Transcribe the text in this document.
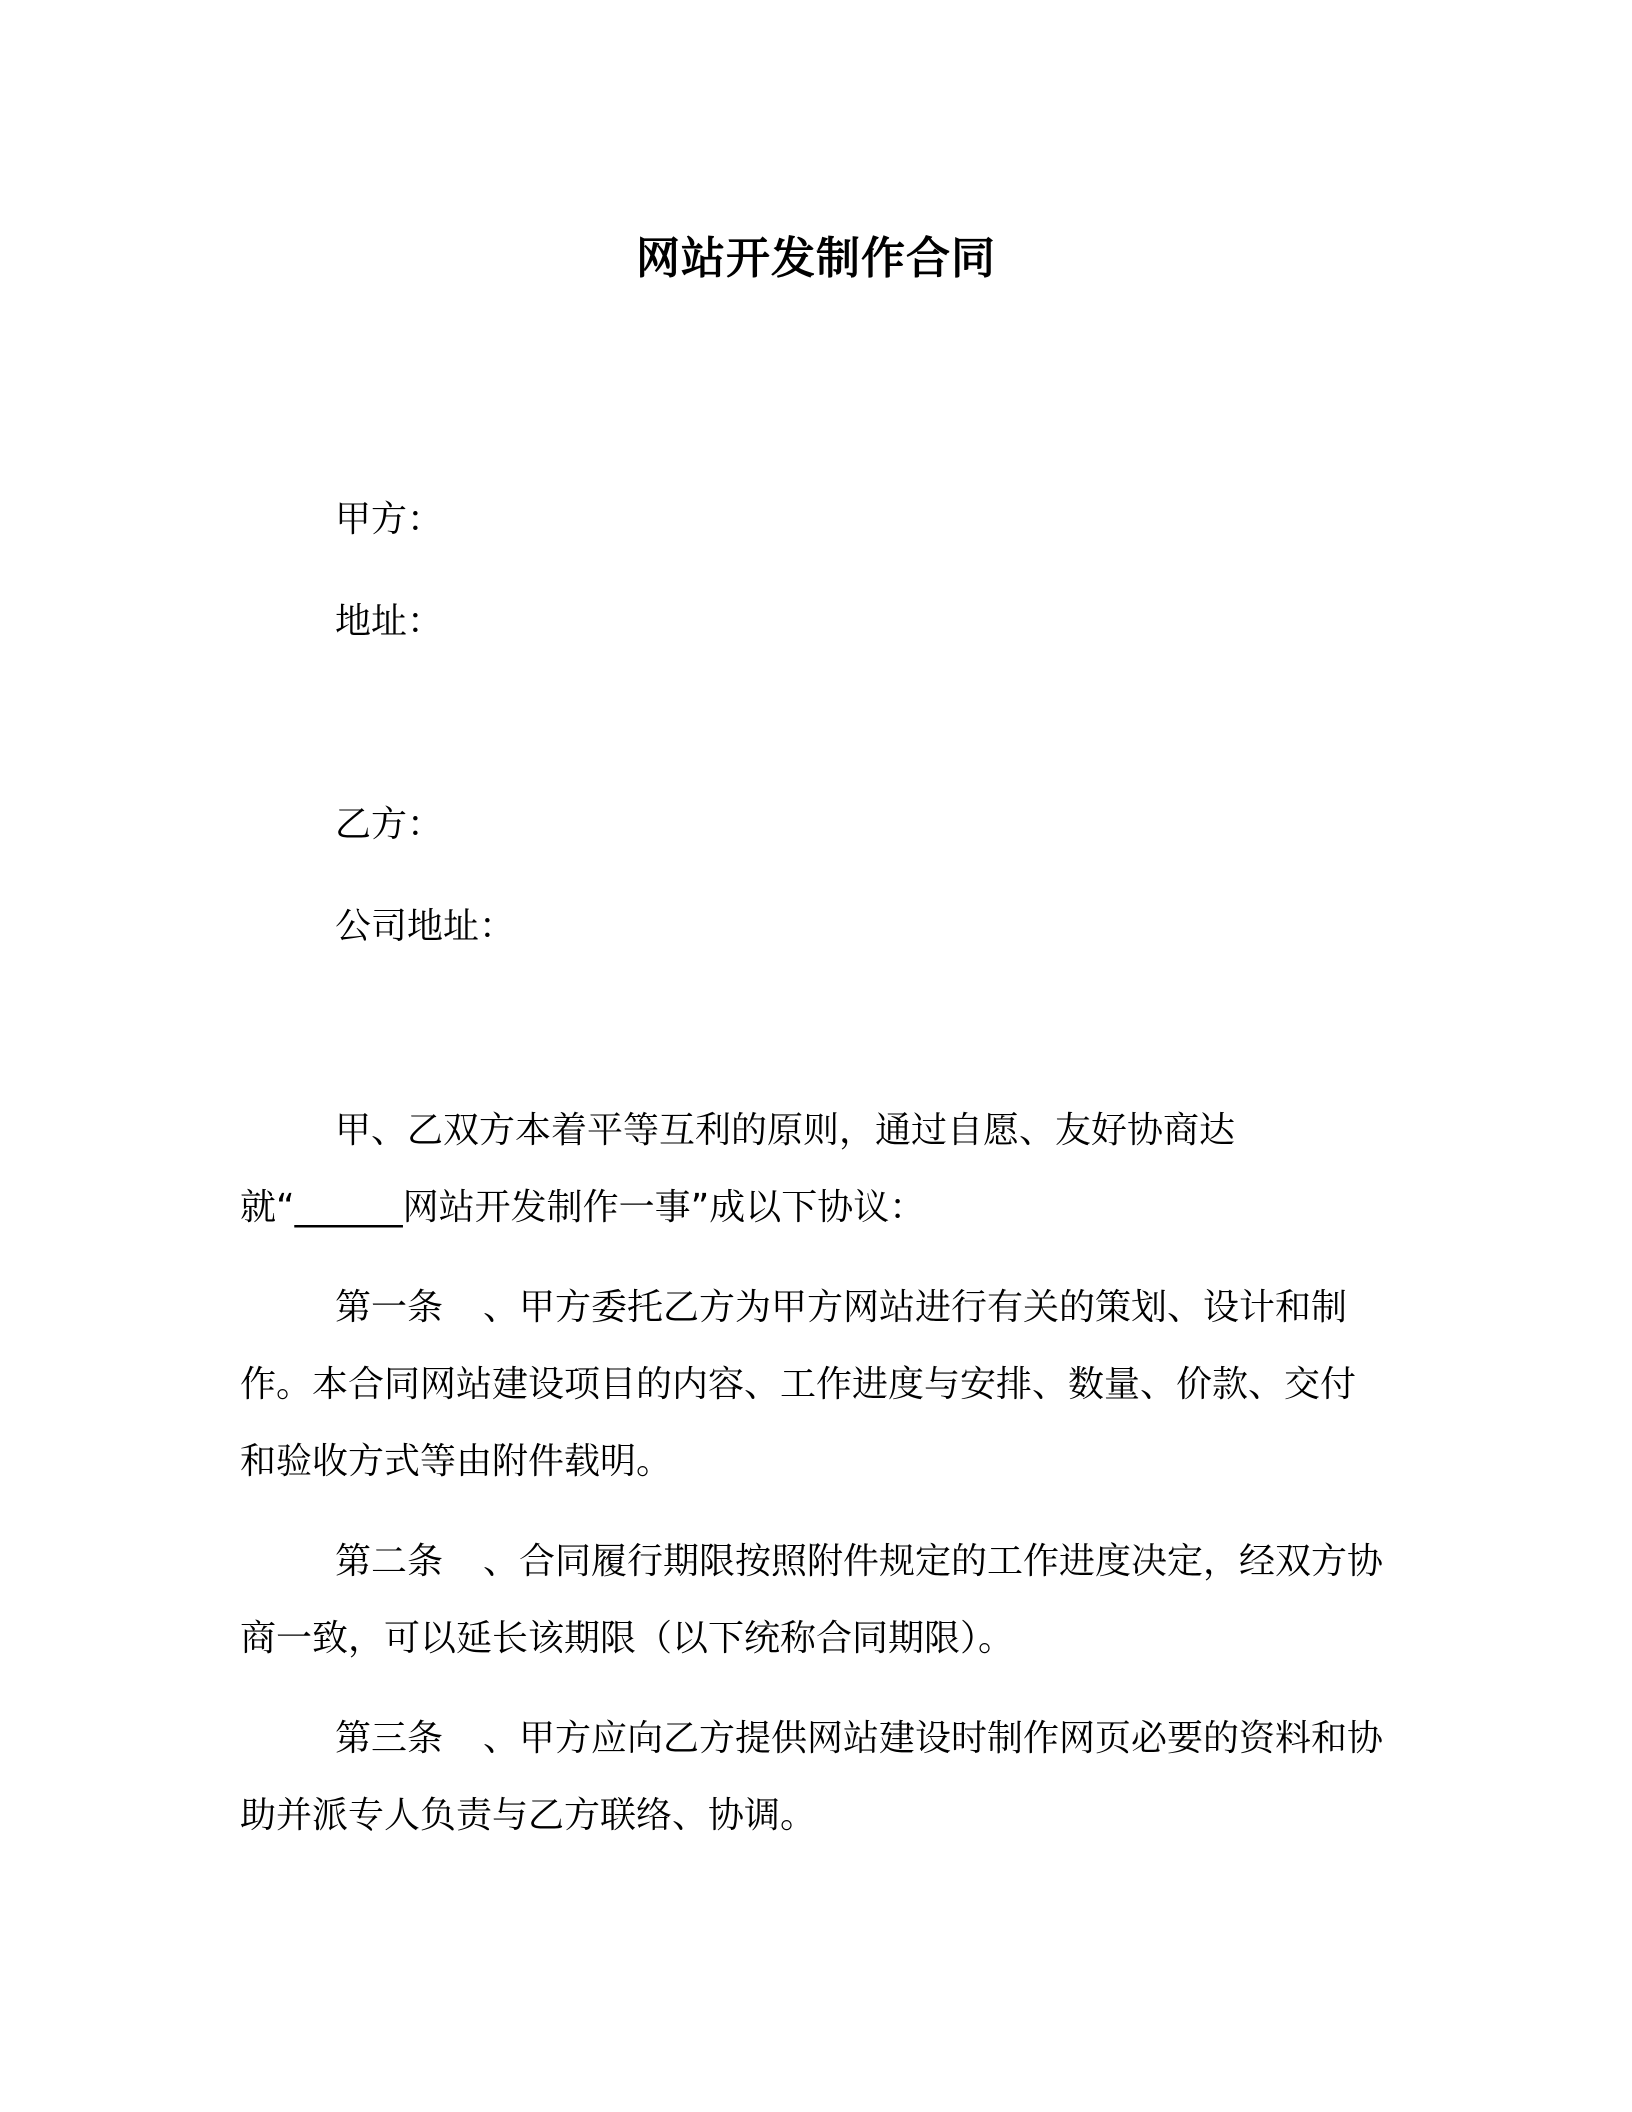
网站开发制作合同
甲方：
地址：
乙方：
公司地址：

甲、乙双方本着平等互利的原则，通过自愿、友好协商达就“______网站开发制作一事”成以下协议：

第一条 、甲方委托乙方为甲方网站进行有关的策划、设计和制作。本合同网站建设项目的内容、工作进度与安排、数量、价款、交付和验收方式等由附件载明。

第二条 、合同履行期限按照附件规定的工作进度决定，经双方协商一致，可以延长该期限（以下统称合同期限）。

第三条 、甲方应向乙方提供网站建设时制作网页必要的资料和协助并派专人负责与乙方联络、协调。
